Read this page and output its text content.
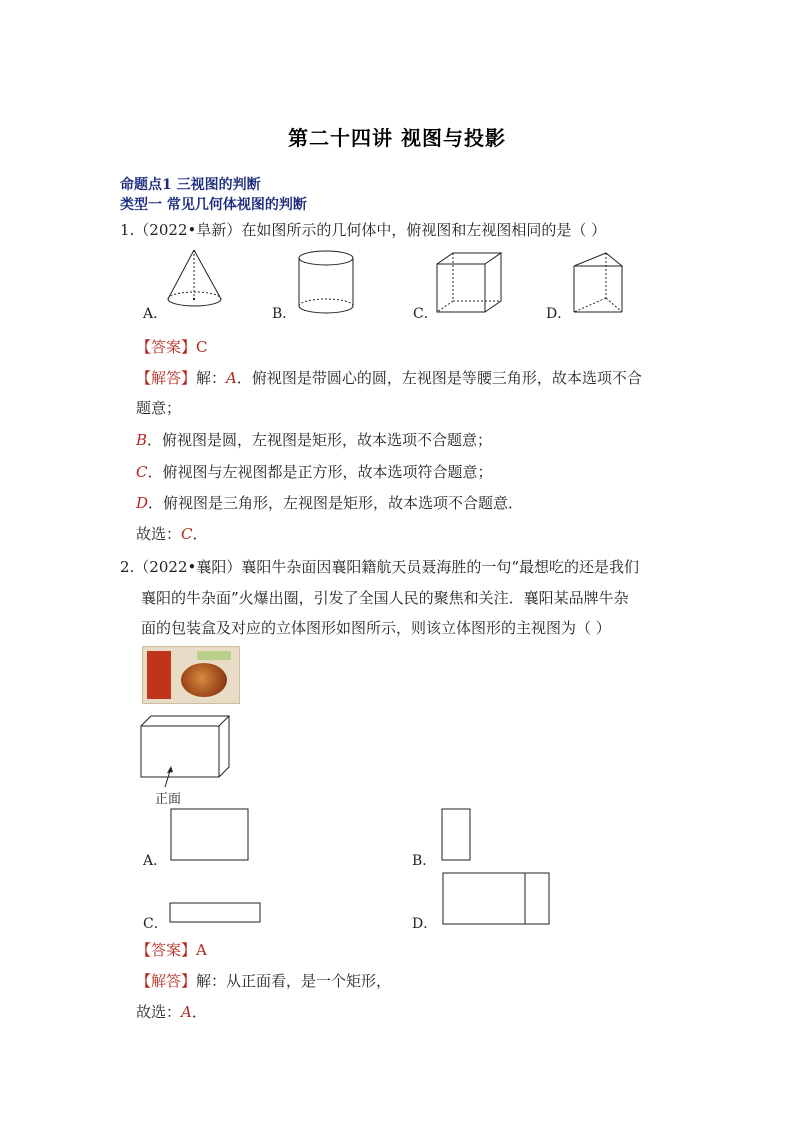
第二十四讲 视图与投影
命题点1 三视图的判断
类型一 常见几何体视图的判断
1.（2022•阜新）在如图所示的几何体中，俯视图和左视图相同的是（ ）
A．	B．	C．	D．
【答案】C
【解答】解：A．俯视图是带圆心的圆，左视图是等腰三角形，故本选项不合
题意；
B．俯视图是圆，左视图是矩形，故本选项不合题意；
C．俯视图与左视图都是正方形，故本选项符合题意；
D．俯视图是三角形，左视图是矩形，故本选项不合题意．
故选：C．
2.（2022•襄阳）襄阳牛杂面因襄阳籍航天员聂海胜的一句“最想吃的还是我们
襄阳的牛杂面”火爆出圈，引发了全国人民的聚焦和关注．襄阳某品牌牛杂
面的包装盒及对应的立体图形如图所示，则该立体图形的主视图为（ ）
正面
A．	B．
C．	D．
【答案】A
【解答】解：从正面看，是一个矩形，
故选：A．
